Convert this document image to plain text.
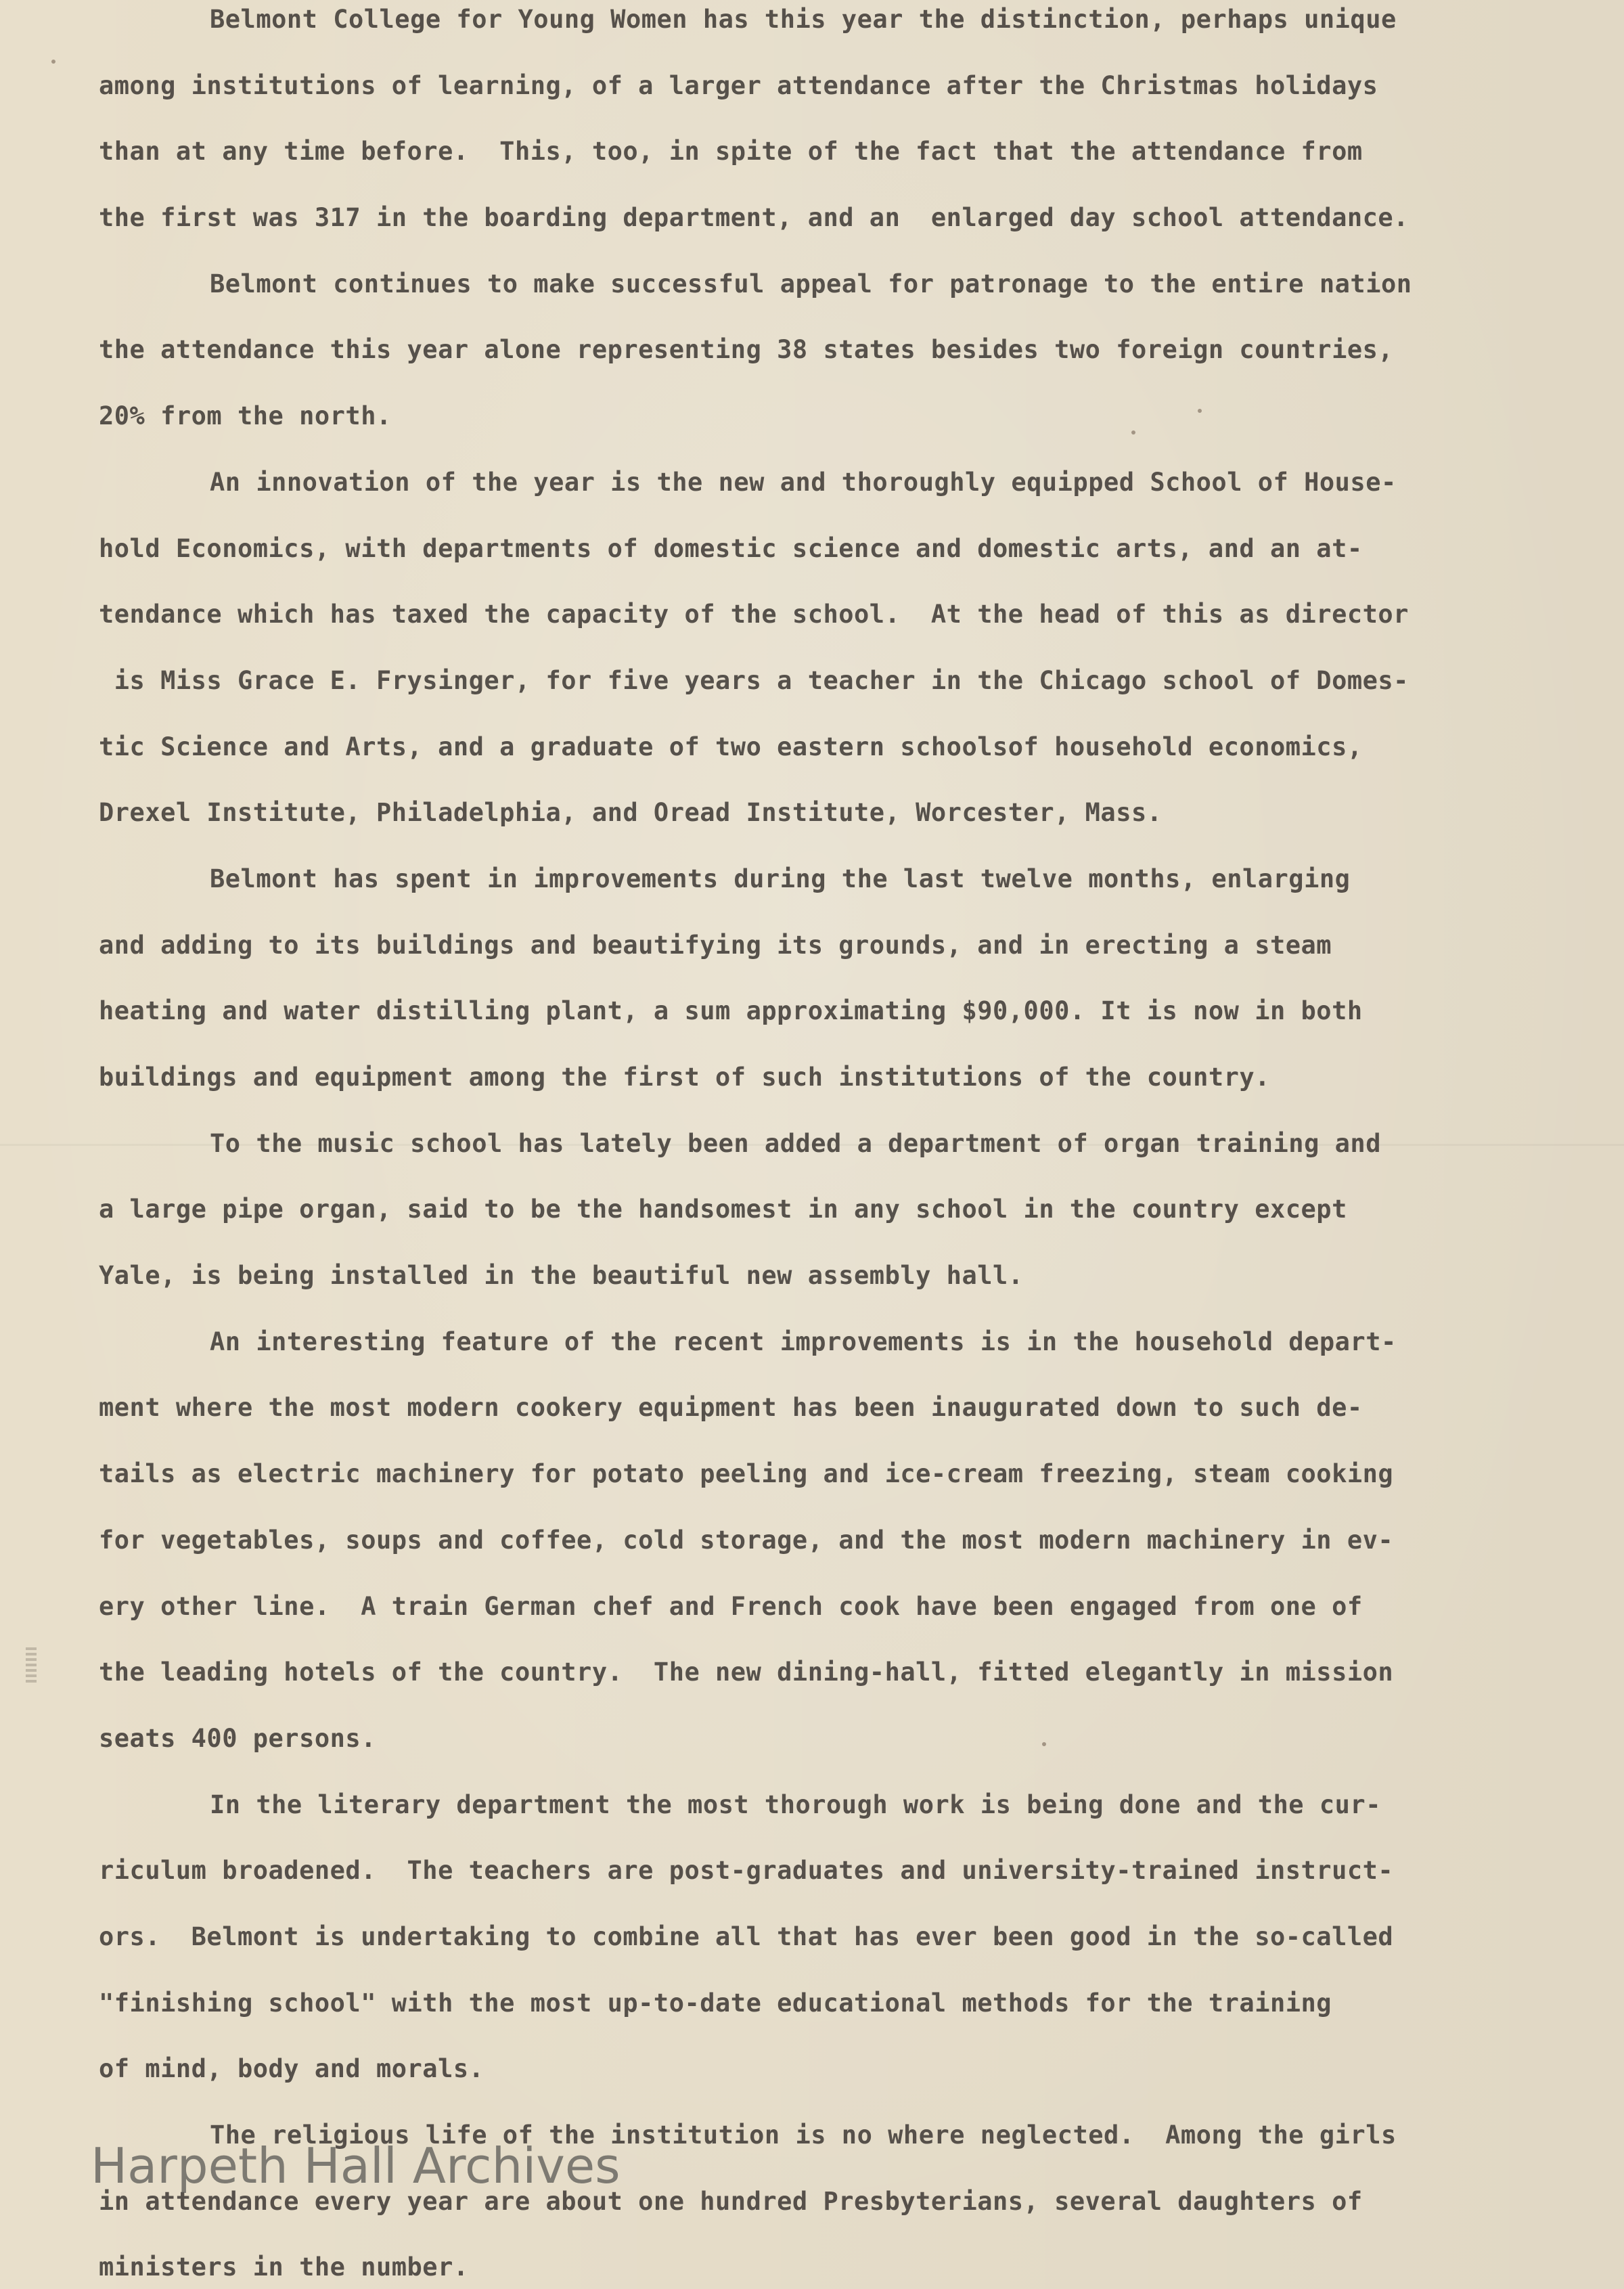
Belmont College for Young Women has this year the distinction, perhaps unique
among institutions of learning, of a larger attendance after the Christmas holidays
than at any time before.  This, too, in spite of the fact that the attendance from
the first was 317 in the boarding department, and an  enlarged day school attendance.
Belmont continues to make successful appeal for patronage to the entire nation
the attendance this year alone representing 38 states besides two foreign countries,
20% from the north.
An innovation of the year is the new and thoroughly equipped School of House-
hold Economics, with departments of domestic science and domestic arts, and an at-
tendance which has taxed the capacity of the school.  At the head of this as director
is Miss Grace E. Frysinger, for five years a teacher in the Chicago school of Domes-
tic Science and Arts, and a graduate of two eastern schoolsof household economics,
Drexel Institute, Philadelphia, and Oread Institute, Worcester, Mass.
Belmont has spent in improvements during the last twelve months, enlarging
and adding to its buildings and beautifying its grounds, and in erecting a steam
heating and water distilling plant, a sum approximating $90,000. It is now in both
buildings and equipment among the first of such institutions of the country.
To the music school has lately been added a department of organ training and
a large pipe organ, said to be the handsomest in any school in the country except
Yale, is being installed in the beautiful new assembly hall.
An interesting feature of the recent improvements is in the household depart-
ment where the most modern cookery equipment has been inaugurated down to such de-
tails as electric machinery for potato peeling and ice-cream freezing, steam cooking
for vegetables, soups and coffee, cold storage, and the most modern machinery in ev-
ery other line.  A train German chef and French cook have been engaged from one of
the leading hotels of the country.  The new dining-hall, fitted elegantly in mission
seats 400 persons.
In the literary department the most thorough work is being done and the cur-
riculum broadened.  The teachers are post-graduates and university-trained instruct-
ors.  Belmont is undertaking to combine all that has ever been good in the so-called
"finishing school" with the most up-to-date educational methods for the training
of mind, body and morals.
The religious life of the institution is no where neglected.  Among the girls
in attendance every year are about one hundred Presbyterians, several daughters of
ministers in the number.
Harpeth Hall Archives
